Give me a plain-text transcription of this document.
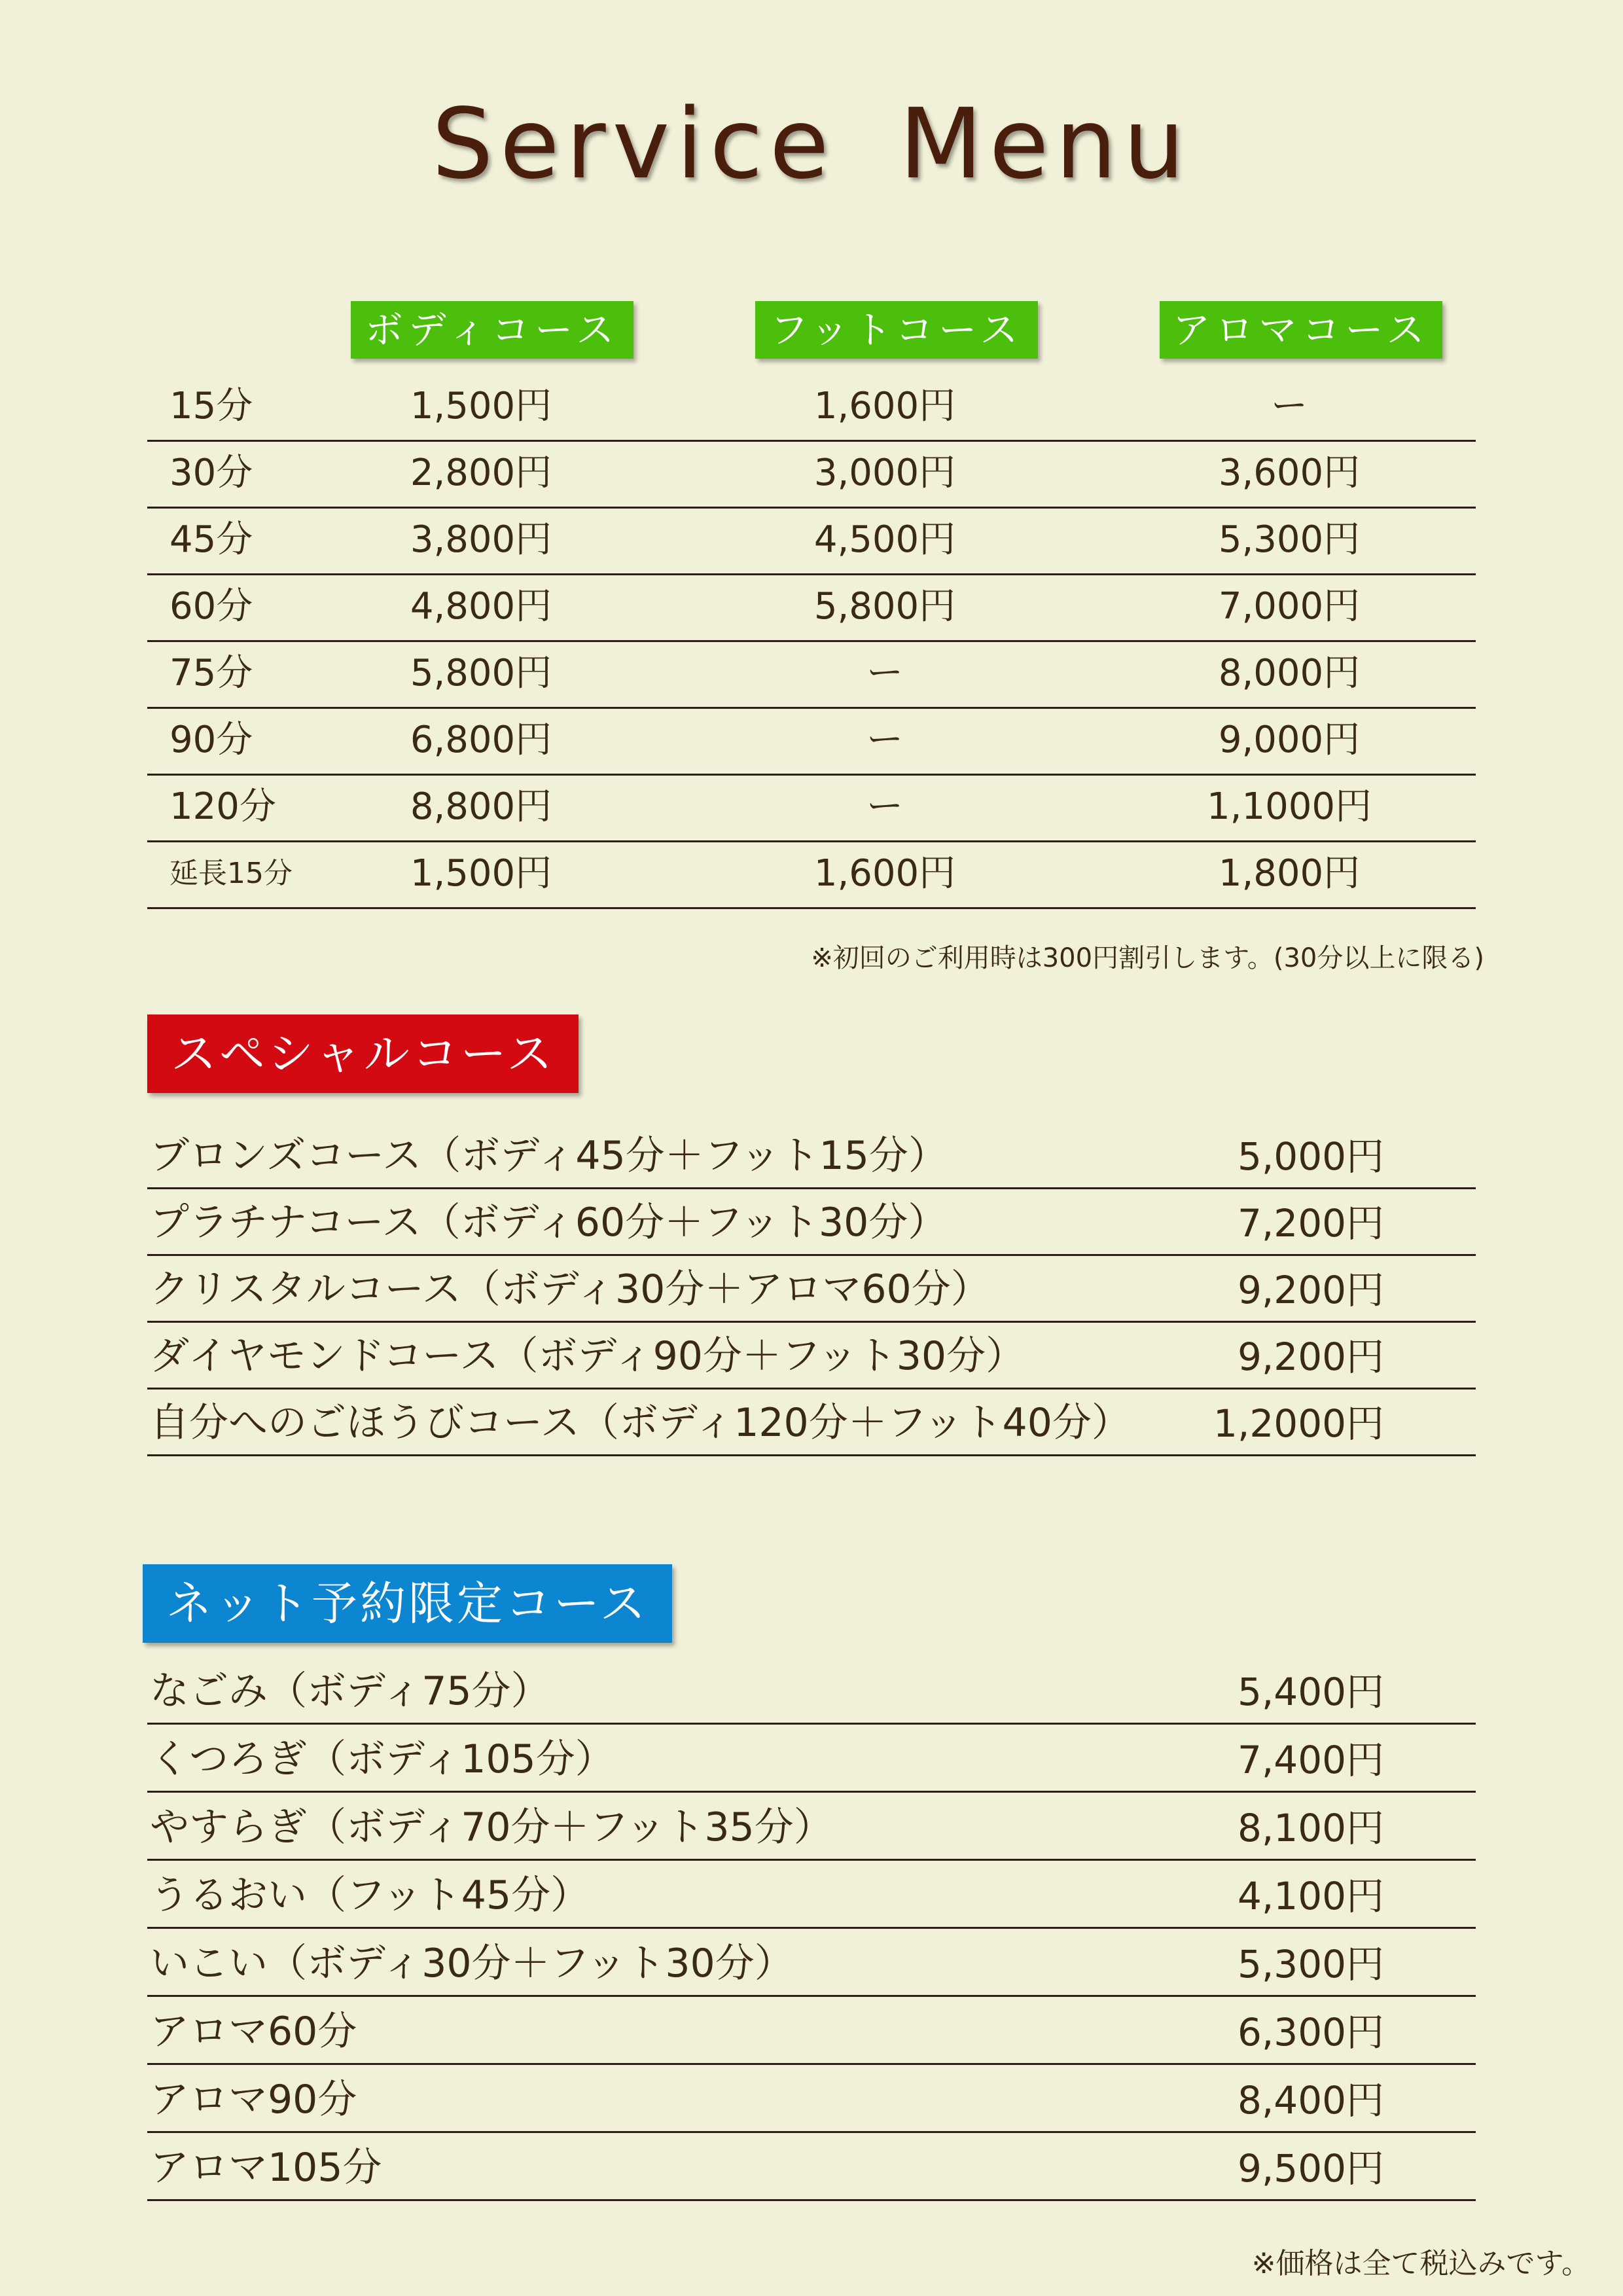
Service Menu
ボディコース	フットコース	アロマコース
15分	1,500円	1,600円	ー
30分	2,800円	3,000円	3,600円
45分	3,800円	4,500円	5,300円
60分	4,800円	5,800円	7,000円
75分	5,800円	ー	8,000円
90分	6,800円	ー	9,000円
120分	8,800円	ー	1,1000円
延長15分	1,500円	1,600円	1,800円
※初回のご利用時は300円割引します。(30分以上に限る)
スペシャルコース
ブロンズコース（ボディ45分＋フット15分）	5,000円
プラチナコース（ボディ60分＋フット30分）	7,200円
クリスタルコース（ボディ30分＋アロマ60分）	9,200円
ダイヤモンドコース（ボディ90分＋フット30分）	9,200円
自分へのごほうびコース（ボディ120分＋フット40分） 1,2000円
ネット予約限定コース
なごみ（ボディ75分）	5,400円
くつろぎ（ボディ105分）	7,400円
やすらぎ（ボディ70分＋フット35分）	8,100円
うるおい（フット45分）	4,100円
いこい（ボディ30分＋フット30分）	5,300円
アロマ60分	6,300円
アロマ90分	8,400円
アロマ105分	9,500円
※価格は全て税込みです。
